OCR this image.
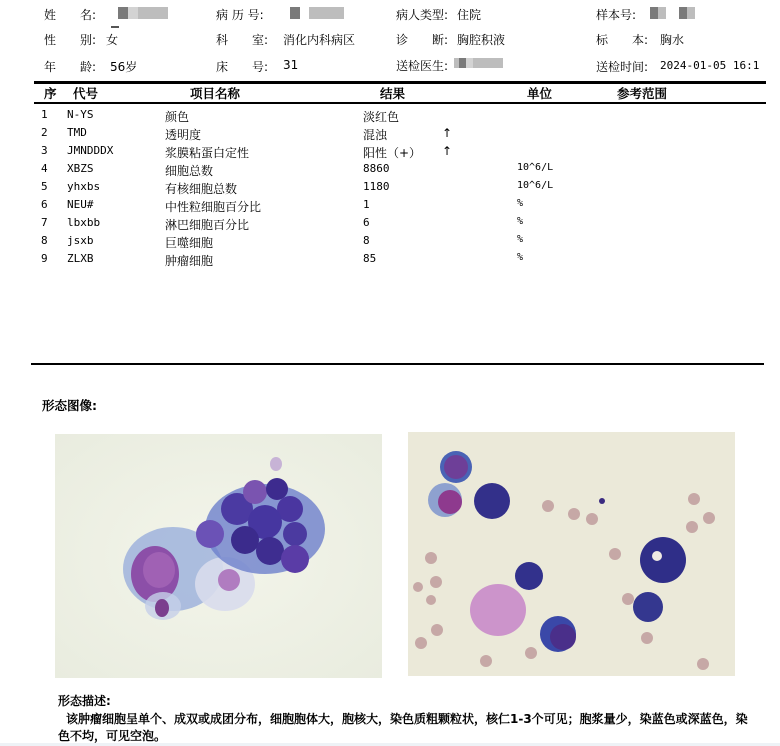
姓　　名:	病 历 号:	病人类型: 住院	样本号:
性　　别: 女	科　　室: 消化内科病区	诊　　断: 胸腔积液	标　　本: 胸水
年　　龄: 56岁	床　　号: 31	送检医生:	送检时间: 2024-01-05 16:1
序 代号	项目名称	结果	单位	参考范围
1 N-YS	颜色	淡红色
2 TMD	透明度	混浊	↑
3 JMNDDDX	浆膜粘蛋白定性	阳性（+） ↑
4 XBZS	细胞总数	8860	10^6/L
5 yhxbs	有核细胞总数	1180	10^6/L
6 NEU#	中性粒细胞百分比	1	%
7 lbxbb	淋巴细胞百分比	6	%
8 jsxb	巨噬细胞	8	%
9 ZLXB	肿瘤细胞	85	%
形态图像:
形态描述:
该肿瘤细胞呈单个、成双或成团分布，细胞胞体大，胞核大，染色质粗颗粒状，核仁1-3个可见；胞浆量少，染蓝色或深蓝色，染色不均，可见空泡。
